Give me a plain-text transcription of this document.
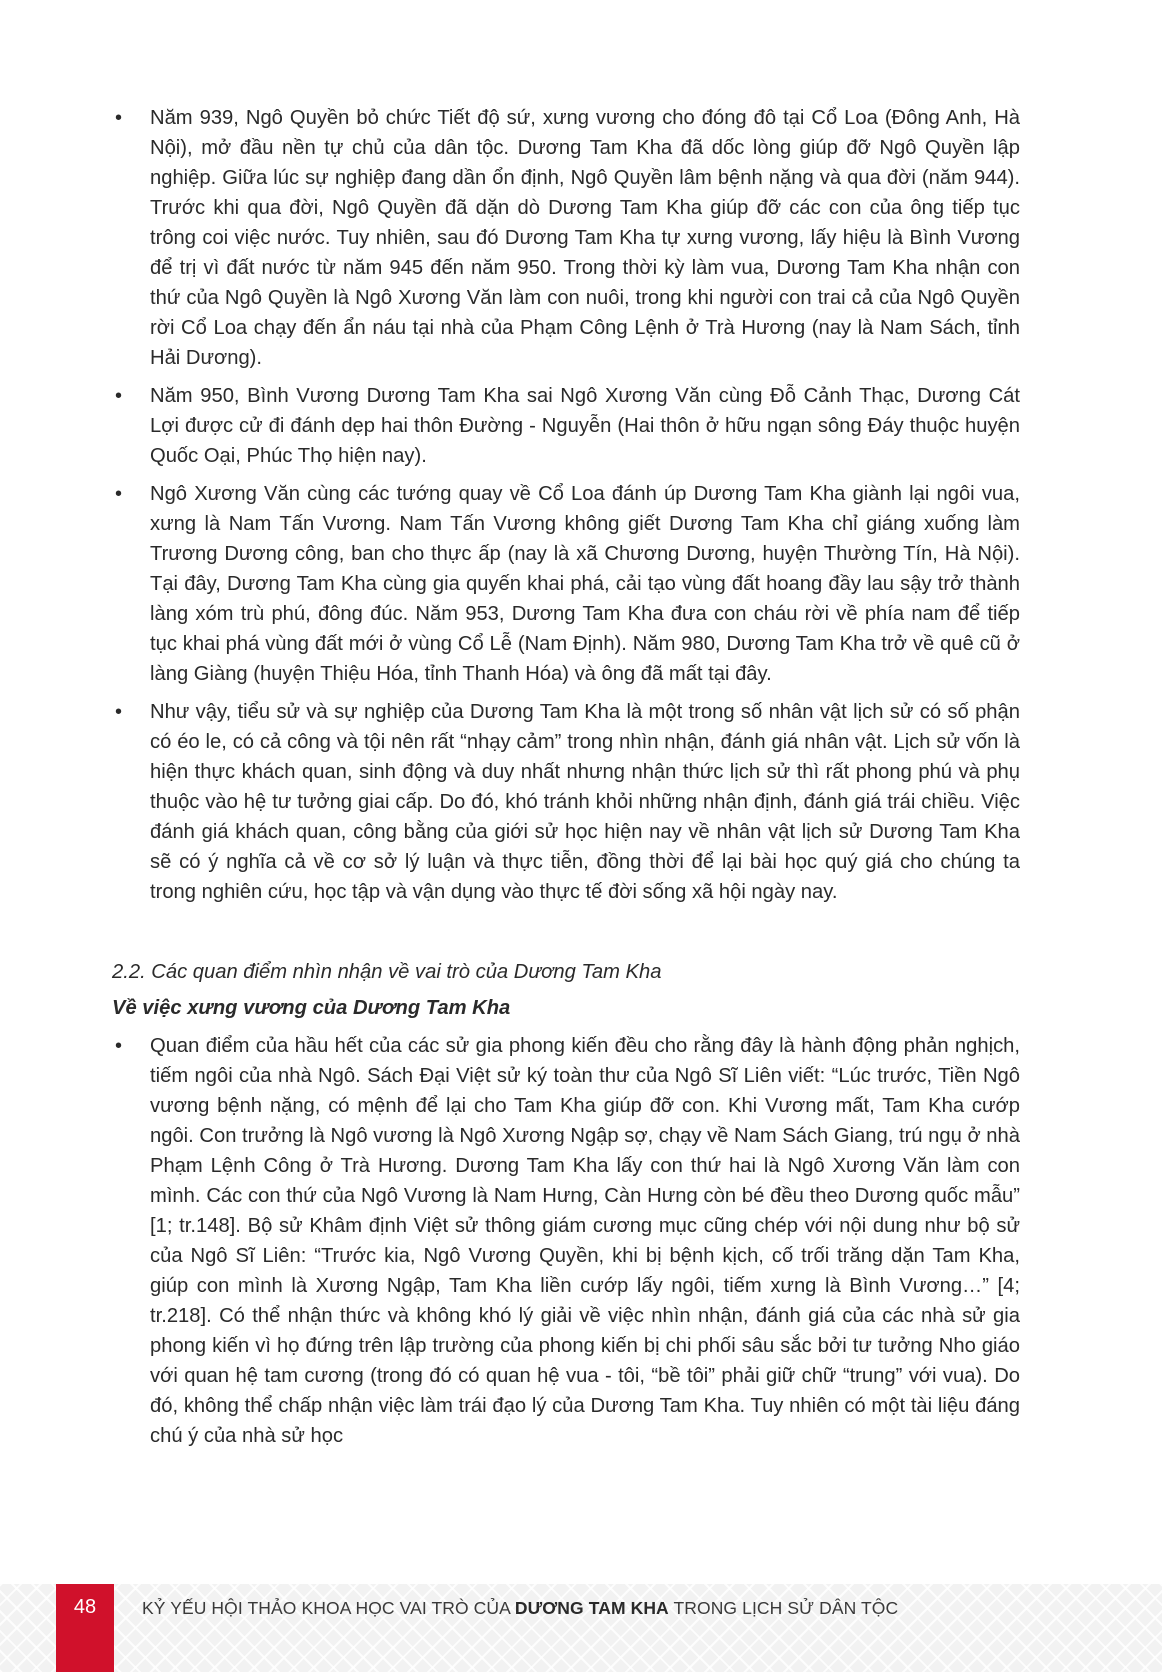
• Năm 939, Ngô Quyền bỏ chức Tiết độ sứ, xưng vương cho đóng đô tại Cổ Loa (Đông Anh, Hà Nội), mở đầu nền tự chủ của dân tộc. Dương Tam Kha đã dốc lòng giúp đỡ Ngô Quyền lập nghiệp. Giữa lúc sự nghiệp đang dần ổn định, Ngô Quyền lâm bệnh nặng và qua đời (năm 944). Trước khi qua đời, Ngô Quyền đã dặn dò Dương Tam Kha giúp đỡ các con của ông tiếp tục trông coi việc nước. Tuy nhiên, sau đó Dương Tam Kha tự xưng vương, lấy hiệu là Bình Vương để trị vì đất nước từ năm 945 đến năm 950. Trong thời kỳ làm vua, Dương Tam Kha nhận con thứ của Ngô Quyền là Ngô Xương Văn làm con nuôi, trong khi người con trai cả của Ngô Quyền rời Cổ Loa chạy đến ẩn náu tại nhà của Phạm Công Lệnh ở Trà Hương (nay là Nam Sách, tỉnh Hải Dương).
• Năm 950, Bình Vương Dương Tam Kha sai Ngô Xương Văn cùng Đỗ Cảnh Thạc, Dương Cát Lợi được cử đi đánh dẹp hai thôn Đường - Nguyễn (Hai thôn ở hữu ngạn sông Đáy thuộc huyện Quốc Oại, Phúc Thọ hiện nay).
• Ngô Xương Văn cùng các tướng quay về Cổ Loa đánh úp Dương Tam Kha giành lại ngôi vua, xưng là Nam Tấn Vương. Nam Tấn Vương không giết Dương Tam Kha chỉ giáng xuống làm Trương Dương công, ban cho thực ấp (nay là xã Chương Dương, huyện Thường Tín, Hà Nội). Tại đây, Dương Tam Kha cùng gia quyến khai phá, cải tạo vùng đất hoang đầy lau sậy trở thành làng xóm trù phú, đông đúc. Năm 953, Dương Tam Kha đưa con cháu rời về phía nam để tiếp tục khai phá vùng đất mới ở vùng Cổ Lễ (Nam Định). Năm 980, Dương Tam Kha trở về quê cũ ở làng Giàng (huyện Thiệu Hóa, tỉnh Thanh Hóa) và ông đã mất tại đây.
• Như vậy, tiểu sử và sự nghiệp của Dương Tam Kha là một trong số nhân vật lịch sử có số phận có éo le, có cả công và tội nên rất “nhạy cảm” trong nhìn nhận, đánh giá nhân vật. Lịch sử vốn là hiện thực khách quan, sinh động và duy nhất nhưng nhận thức lịch sử thì rất phong phú và phụ thuộc vào hệ tư tưởng giai cấp. Do đó, khó tránh khỏi những nhận định, đánh giá trái chiều. Việc đánh giá khách quan, công bằng của giới sử học hiện nay về nhân vật lịch sử Dương Tam Kha sẽ có ý nghĩa cả về cơ sở lý luận và thực tiễn, đồng thời để lại bài học quý giá cho chúng ta trong nghiên cứu, học tập và vận dụng vào thực tế đời sống xã hội ngày nay.
2.2. Các quan điểm nhìn nhận về vai trò của Dương Tam Kha
Về việc xưng vương của Dương Tam Kha
• Quan điểm của hầu hết của các sử gia phong kiến đều cho rằng đây là hành động phản nghịch, tiếm ngôi của nhà Ngô. Sách Đại Việt sử ký toàn thư của Ngô Sĩ Liên viết: “Lúc trước, Tiền Ngô vương bệnh nặng, có mệnh để lại cho Tam Kha giúp đỡ con. Khi Vương mất, Tam Kha cướp ngôi. Con trưởng là Ngô vương là Ngô Xương Ngập sợ, chạy về Nam Sách Giang, trú ngụ ở nhà Phạm Lệnh Công ở Trà Hương. Dương Tam Kha lấy con thứ hai là Ngô Xương Văn làm con mình. Các con thứ của Ngô Vương là Nam Hưng, Càn Hưng còn bé đều theo Dương quốc mẫu” [1; tr.148]. Bộ sử Khâm định Việt sử thông giám cương mục cũng chép với nội dung như bộ sử của Ngô Sĩ Liên: “Trước kia, Ngô Vương Quyền, khi bị bệnh kịch, cố trối trăng dặn Tam Kha, giúp con mình là Xương Ngập, Tam Kha liền cướp lấy ngôi, tiếm xưng là Bình Vương…” [4; tr.218]. Có thể nhận thức và không khó lý giải về việc nhìn nhận, đánh giá của các nhà sử gia phong kiến vì họ đứng trên lập trường của phong kiến bị chi phối sâu sắc bởi tư tưởng Nho giáo với quan hệ tam cương (trong đó có quan hệ vua - tôi, “bề tôi” phải giữ chữ “trung” với vua). Do đó, không thể chấp nhận việc làm trái đạo lý của Dương Tam Kha. Tuy nhiên có một tài liệu đáng chú ý của nhà sử học
48	KỶ YẾU HỘI THẢO KHOA HỌC VAI TRÒ CỦA DƯƠNG TAM KHA TRONG LỊCH SỬ DÂN TỘC
